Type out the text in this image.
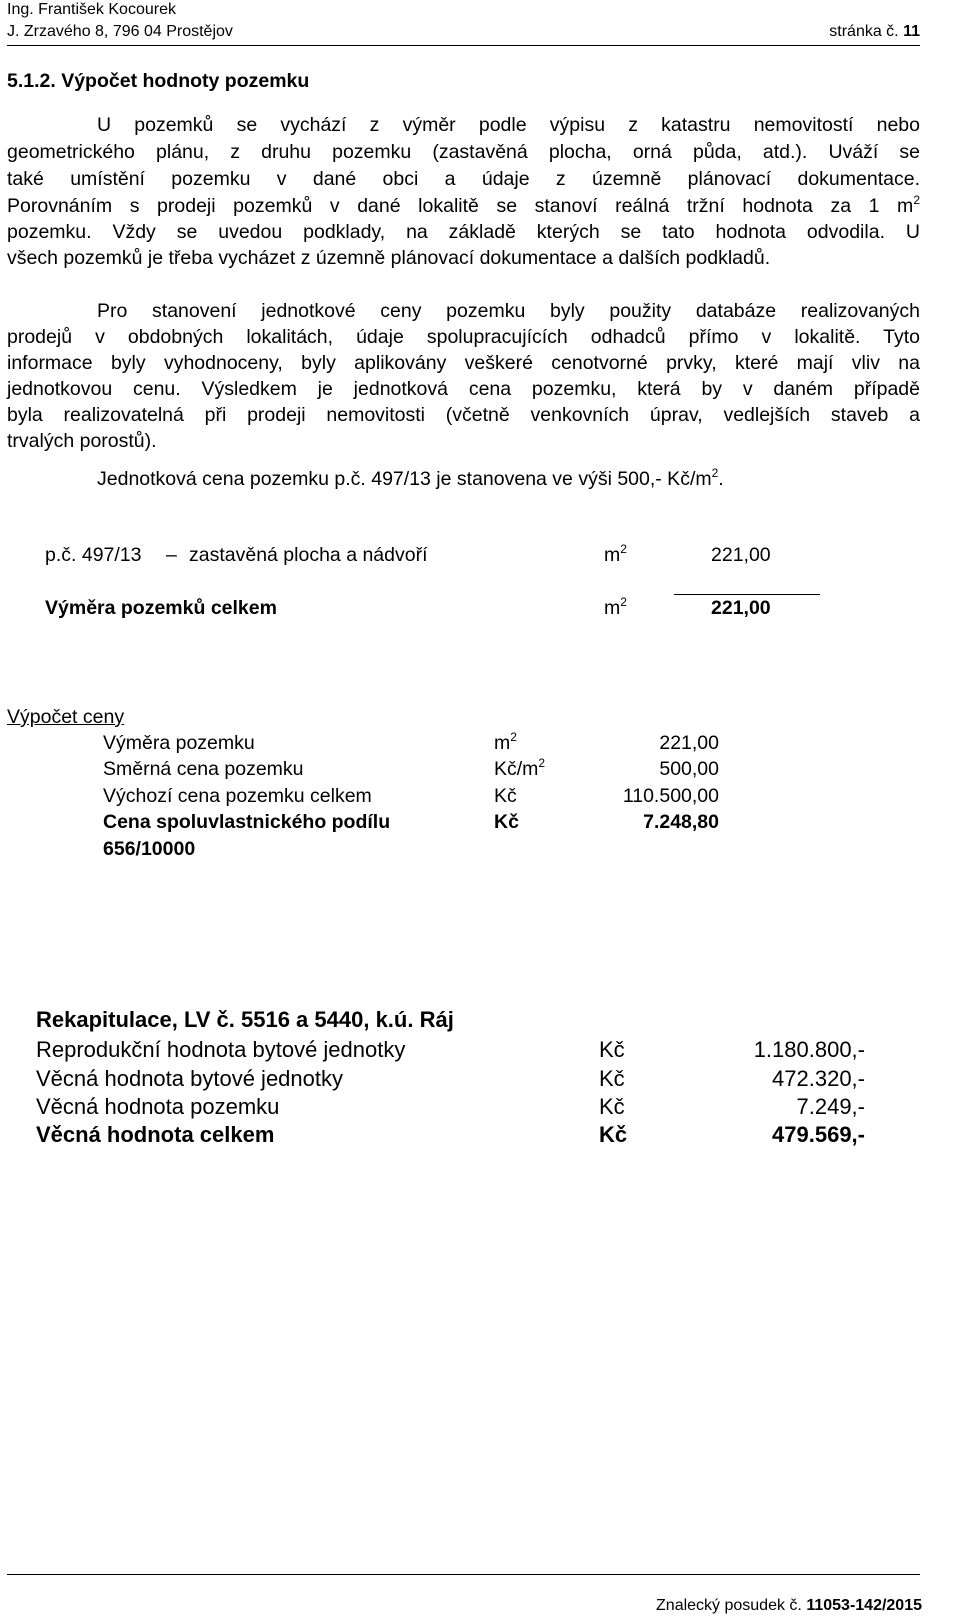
Ing. František Kocourek
J. Zrzavého 8, 796 04 Prostějov	stránka č. 11
5.1.2. Výpočet hodnoty pozemku
U pozemků se vychází z výměr podle výpisu z katastru nemovitostí nebo
geometrického plánu, z druhu pozemku (zastavěná plocha, orná půda, atd.). Uváží se
také umístění pozemku v dané obci a údaje z územně plánovací dokumentace.
Porovnáním s prodeji pozemků v dané lokalitě se stanoví reálná tržní hodnota za 1 $m^2$
pozemku. Vždy se uvedou podklady, na základě kterých se tato hodnota odvodila. U
všech pozemků je třeba vycházet z územně plánovací dokumentace a dalších podkladů.
Pro stanovení jednotkové ceny pozemku byly použity databáze realizovaných
prodejů v obdobných lokalitách, údaje spolupracujících odhadců přímo v lokalitě. Tyto
informace byly vyhodnoceny, byly aplikovány veškeré cenotvorné prvky, které mají vliv na
jednotkovou cenu. Výsledkem je jednotková cena pozemku, která by v daném případě
byla realizovatelná při prodeji nemovitosti (včetně venkovních úprav, vedlejších staveb a
trvalých porostů).
Jednotková cena pozemku p.č. 497/13 je stanovena ve výši 500,- $Kč/m^2$.
p.č. 497/13 – zastavěná plocha a nádvoří	$m^2$	221,00
Výměra pozemků celkem	$m^2$	221,00
Výpočet ceny
Výměra pozemku	$m^2$	221,00
Směrná cena pozemku	$Kč/m^2$	500,00
Výchozí cena pozemku celkem	Kč	110.500,00
Cena spoluvlastnického podílu	Kč	7.248,80
656/10000
Rekapitulace, LV č. 5516 a 5440, k.ú. Ráj
Reprodukční hodnota bytové jednotky	Kč	1.180.800,-
Věcná hodnota bytové jednotky	Kč	472.320,-
Věcná hodnota pozemku	Kč	7.249,-
Věcná hodnota celkem	Kč	479.569,-
Znalecký posudek č. 11053-142/2015
